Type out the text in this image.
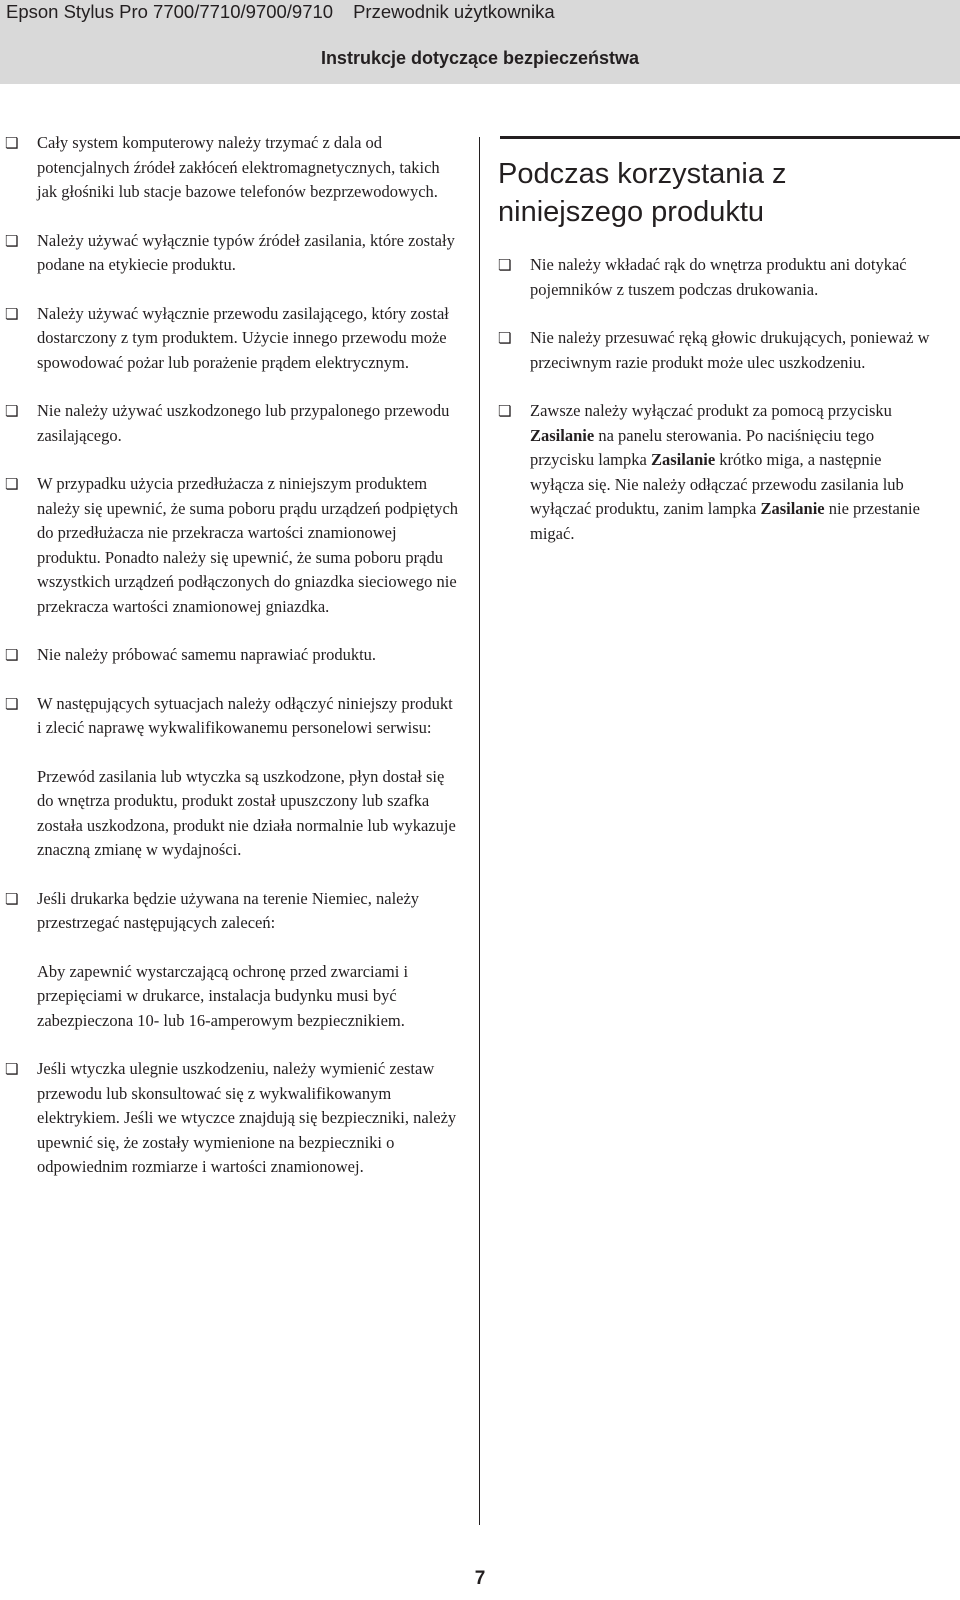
Epson Stylus Pro 7700/7710/9700/9710 Przewodnik użytkownika
Instrukcje dotyczące bezpieczeństwa
❏	Cały system komputerowy należy trzymać z dala od potencjalnych źródeł zakłóceń elektromagnetycznych, takich jak głośniki lub stacje bazowe telefonów bezprzewodowych.
❏	Należy używać wyłącznie typów źródeł zasilania, które zostały podane na etykiecie produktu.
❏	Należy używać wyłącznie przewodu zasilającego, który został dostarczony z tym produktem. Użycie innego przewodu może spowodować pożar lub porażenie prądem elektrycznym.
❏	Nie należy używać uszkodzonego lub przypalonego przewodu zasilającego.
❏	W przypadku użycia przedłużacza z niniejszym produktem należy się upewnić, że suma poboru prądu urządzeń podpiętych do przedłużacza nie przekracza wartości znamionowej produktu. Ponadto należy się upewnić, że suma poboru prądu wszystkich urządzeń podłączonych do gniazdka sieciowego nie przekracza wartości znamionowej gniazdka.
❏	Nie należy próbować samemu naprawiać produktu.
❏	W następujących sytuacjach należy odłączyć niniejszy produkt i zlecić naprawę wykwalifikowanemu personelowi serwisu:
Przewód zasilania lub wtyczka są uszkodzone, płyn dostał się do wnętrza produktu, produkt został upuszczony lub szafka została uszkodzona, produkt nie działa normalnie lub wykazuje znaczną zmianę w wydajności.
❏	Jeśli drukarka będzie używana na terenie Niemiec, należy przestrzegać następujących zaleceń:
Aby zapewnić wystarczającą ochronę przed zwarciami i przepięciami w drukarce, instalacja budynku musi być zabezpieczona 10- lub 16-amperowym bezpiecznikiem.
❏	Jeśli wtyczka ulegnie uszkodzeniu, należy wymienić zestaw przewodu lub skonsultować się z wykwalifikowanym elektrykiem. Jeśli we wtyczce znajdują się bezpieczniki, należy upewnić się, że zostały wymienione na bezpieczniki o odpowiednim rozmiarze i wartości znamionowej.
Podczas korzystania z niniejszego produktu
❏	Nie należy wkładać rąk do wnętrza produktu ani dotykać pojemników z tuszem podczas drukowania.
❏	Nie należy przesuwać ręką głowic drukujących, ponieważ w przeciwnym razie produkt może ulec uszkodzeniu.
❏	Zawsze należy wyłączać produkt za pomocą przycisku Zasilanie na panelu sterowania. Po naciśnięciu tego przycisku lampka Zasilanie krótko miga, a następnie wyłącza się. Nie należy odłączać przewodu zasilania lub wyłączać produktu, zanim lampka Zasilanie nie przestanie migać.
7
